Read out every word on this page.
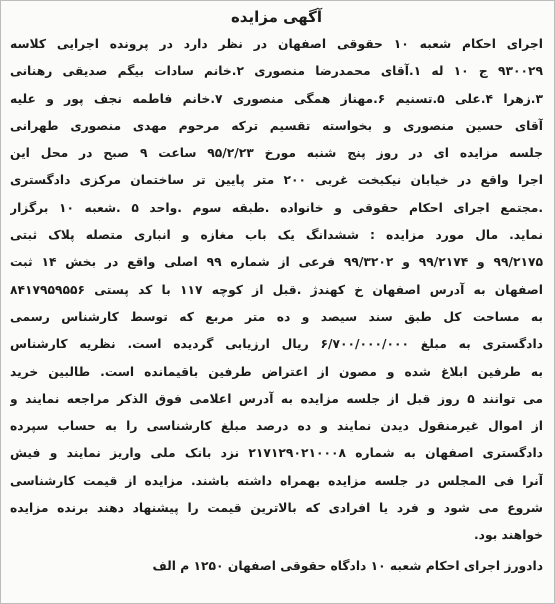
آگهی مزایده
اجرای احکام شعبه ۱۰ حقوقی اصفهان در نظر دارد در پرونده اجرایی کلاسه
۹۳۰۰۲۹ ج ۱۰ له ۱.آقای محمدرضا منصوری ۲.خانم سادات بیگم صدیقی رهنانی
۳.زهرا ۴.علی ۵.تسنیم ۶.مهناز همگی منصوری ۷.خانم فاطمه نجف پور و علیه
آقای حسین منصوری و بخواسته تقسیم ترکه مرحوم مهدی منصوری طهرانی
جلسه مزایده ای در روز پنج شنبه مورخ ۹۵/۲/۲۳ ساعت ۹ صبح در محل این
اجرا واقع در خیابان نیکبخت غربی ۲۰۰ متر پایین تر ساختمان مرکزی دادگستری
.مجتمع اجرای احکام حقوقی و خانواده .طبقه سوم .واحد ۵ .شعبه ۱۰ برگزار
نماید. مال مورد مزایده : ششدانگ یک باب مغازه و انباری متصله پلاک ثبتی
۹۹/۲۱۷۵ و ۹۹/۲۱۷۴ و ۹۹/۳۲۰۲ فرعی از شماره ۹۹ اصلی واقع در بخش ۱۴ ثبت
اصفهان به آدرس اصفهان خ کهندژ .قبل از کوچه ۱۱۷ با کد پستی ۸۴۱۷۹۵۹۵۵۶
به مساحت کل طبق سند سیصد و ده متر مربع که توسط کارشناس رسمی
دادگستری به مبلغ ۶/۷۰۰/۰۰۰/۰۰۰ ریال ارزیابی گردیده است. نظریه کارشناس
به طرفین ابلاغ شده و مصون از اعتراض طرفین باقیمانده است. طالبین خرید
می توانند ۵ روز قبل از جلسه مزایده به آدرس اعلامی فوق الذکر مراجعه نمایند و
از اموال غیرمنقول دیدن نمایند و ده درصد مبلغ کارشناسی را به حساب سپرده
دادگستری اصفهان به شماره ۲۱۷۱۲۹۰۲۱۰۰۰۸ نزد بانک ملی واریز نمایند و فیش
آنرا فی المجلس در جلسه مزایده بهمراه داشته باشند. مزایده از قیمت کارشناسی
شروع می شود و فرد یا افرادی که بالاترین قیمت را پیشنهاد دهند برنده مزایده
خواهند بود.
دادورز اجرای احکام شعبه ۱۰ دادگاه حقوقی اصفهان ۱۲۵۰ م الف
